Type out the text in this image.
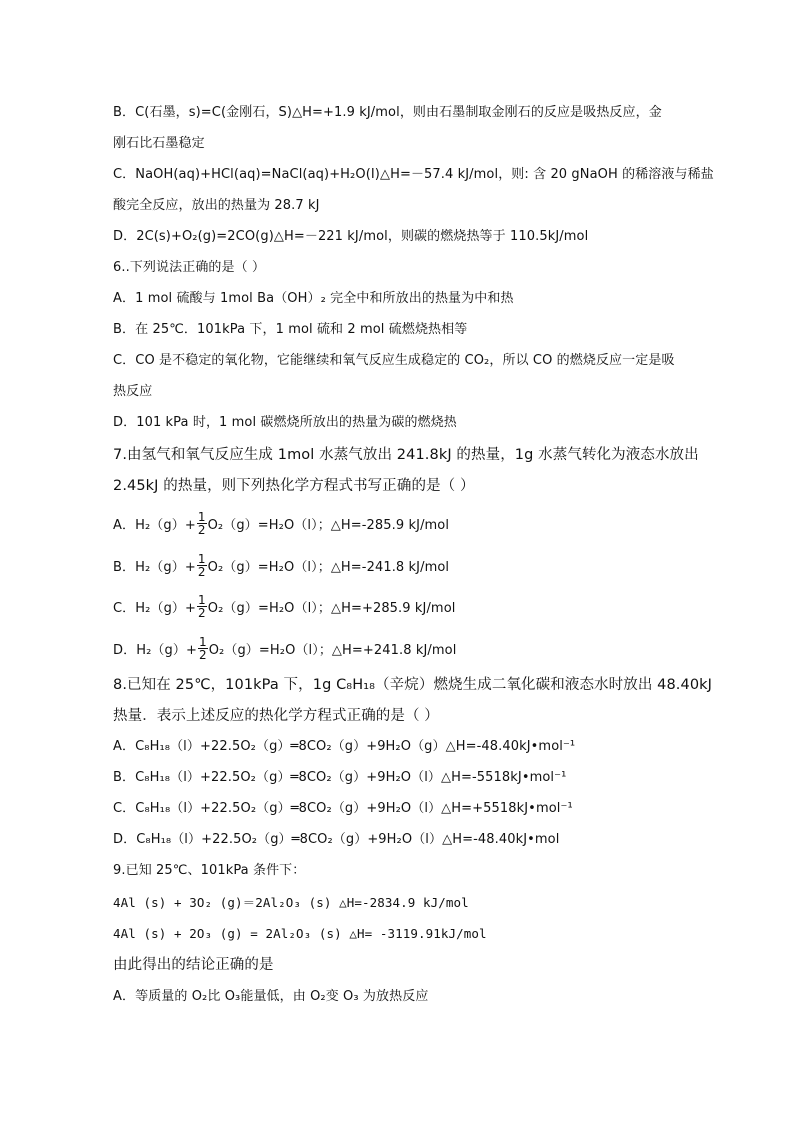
B．C(石墨，s)=C(金刚石，S)△H=+1.9 kJ/mol，则由石墨制取金刚石的反应是吸热反应，金
刚石比石墨稳定
C．NaOH(aq)+HCl(aq)=NaCl(aq)+H₂O(I)△H=－57.4 kJ/mol，则: 含 20 gNaOH 的稀溶液与稀盐
酸完全反应，放出的热量为 28.7 kJ
D．2C(s)+O₂(g)=2CO(g)△H=－221 kJ/mol，则碳的燃烧热等于 110.5kJ/mol
6..下列说法正确的是（ ）
A．1 mol 硫酸与 1mol Ba（OH）₂ 完全中和所放出的热量为中和热
B．在 25℃．101kPa 下，1 mol 硫和 2 mol 硫燃烧热相等
C．CO 是不稳定的氧化物，它能继续和氧气反应生成稳定的 CO₂，所以 CO 的燃烧反应一定是吸
热反应
D．101 kPa 时，1 mol 碳燃烧所放出的热量为碳的燃烧热
7.由氢气和氧气反应生成 1mol 水蒸气放出 241.8kJ 的热量，1g 水蒸气转化为液态水放出
2.45kJ 的热量，则下列热化学方程式书写正确的是（ ）
A．$H_2(g)+ \frac{1}{2} O_2(g)=H_2O(l)$；△H=-285.9 kJ/mol
B．$H_2(g)+ \frac{1}{2} O_2(g)=H_2O(l)$；△H=-241.8 kJ/mol
C．$H_2(g)+ \frac{1}{2} O_2(g)=H_2O(l)$；△H=+285.9 kJ/mol
D．$H_2(g)+ \frac{1}{2} O_2(g)=H_2O(l)$；△H=+241.8 kJ/mol
8.已知在 25℃，101kPa 下，1g C₈H₁₈（辛烷）燃烧生成二氧化碳和液态水时放出 48.40kJ
热量．表示上述反应的热化学方程式正确的是（ ）
A．C₈H₁₈（l）+22.5O₂（g）═8CO₂（g）+9H₂O（g）△H=-48.40kJ•mol⁻¹
B．C₈H₁₈（l）+22.5O₂（g）═8CO₂（g）+9H₂O（l）△H=-5518kJ•mol⁻¹
C．C₈H₁₈（l）+22.5O₂（g）═8CO₂（g）+9H₂O（l）△H=+5518kJ•mol⁻¹
D．C₈H₁₈（l）+22.5O₂（g）═8CO₂（g）+9H₂O（l）△H=-48.40kJ•mol
9.已知 25℃、101kPa 条件下：
4Al (s) + 3O₂ (g)＝2Al₂O₃ (s) △H=-2834.9 kJ/mol
4Al (s) + 2O₃ (g) = 2Al₂O₃ (s) △H= -3119.91kJ/mol
由此得出的结论正确的是
A．等质量的 O₂比 O₃能量低，由 O₂变 O₃ 为放热反应
